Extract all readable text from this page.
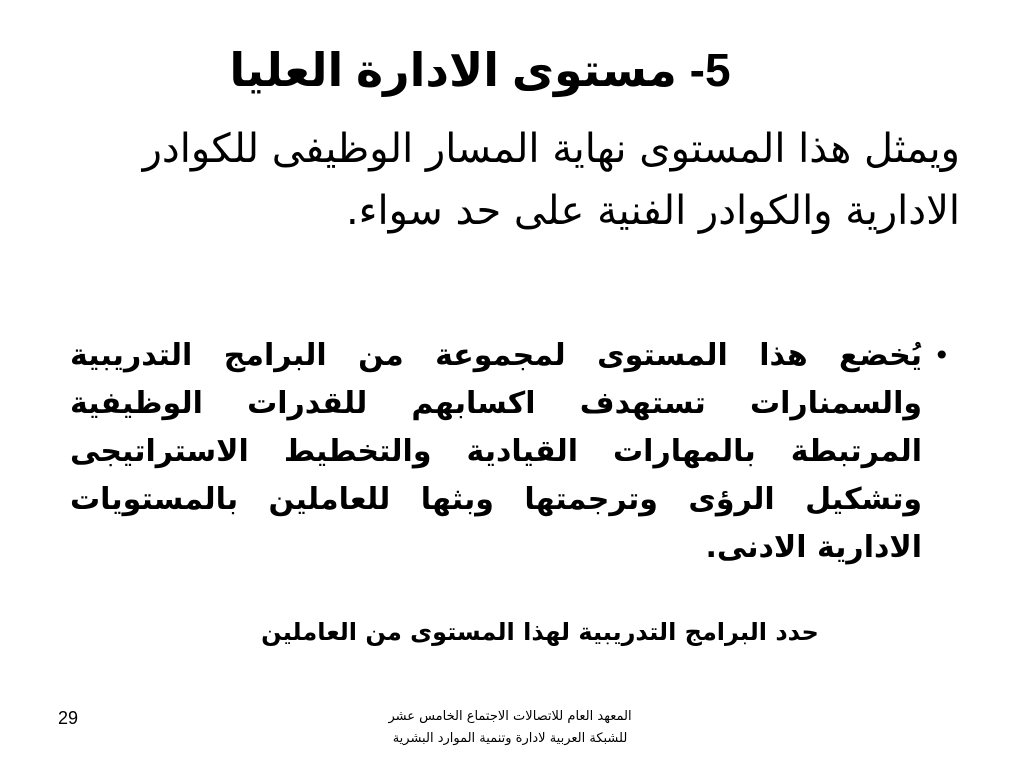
5- مستوى الادارة العليا
ويمثل هذا المستوى نهاية المسار الوظيفى للكوادر الادارية والكوادر الفنية على حد سواء.
•
يُخضع هذا المستوى لمجموعة من البرامج التدريبية والسمنارات تستهدف اكسابهم للقدرات الوظيفية المرتبطة بالمهارات القيادية والتخطيط الاستراتيجى وتشكيل الرؤى وترجمتها وبثها للعاملين بالمستويات الادارية الادنى.
حدد البرامج التدريبية لهذا المستوى من العاملين
29	المعهد العام للاتصالات الاجتماع الخامس عشر
للشبكة العربية لادارة وتنمية الموارد البشرية
